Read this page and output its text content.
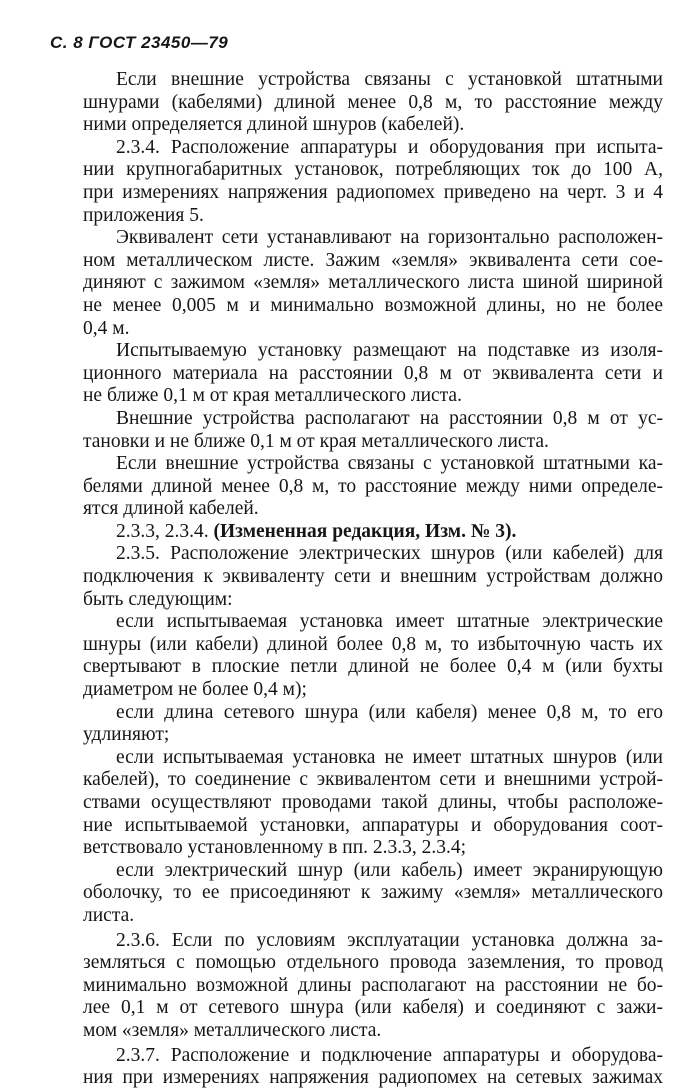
С. 8 ГОСТ 23450—79
Если внешние устройства связаны с установкой штатными
шнурами (кабелями) длиной менее 0,8 м, то расстояние между
ними определяется длиной шнуров (кабелей).
2.3.4. Расположение аппаратуры и оборудования при испыта-
нии крупногабаритных установок, потребляющих ток до 100 А,
при измерениях напряжения радиопомех приведено на черт. 3 и 4
приложения 5.
Эквивалент сети устанавливают на горизонтально расположен-
ном металлическом листе. Зажим «земля» эквивалента сети сое-
диняют с зажимом «земля» металлического листа шиной шириной
не менее 0,005 м и минимально возможной длины, но не более
0,4 м.
Испытываемую установку размещают на подставке из изоля-
ционного материала на расстоянии 0,8 м от эквивалента сети и
не ближе 0,1 м от края металлического листа.
Внешние устройства располагают на расстоянии 0,8 м от ус-
тановки и не ближе 0,1 м от края металлического листа.
Если внешние устройства связаны с установкой штатными ка-
белями длиной менее 0,8 м, то расстояние между ними определе-
ятся длиной кабелей.
2.3.3, 2.3.4. (Измененная редакция, Изм. № 3).
2.3.5. Расположение электрических шнуров (или кабелей) для
подключения к эквиваленту сети и внешним устройствам должно
быть следующим:
если испытываемая установка имеет штатные электрические
шнуры (или кабели) длиной более 0,8 м, то избыточную часть их
свертывают в плоские петли длиной не более 0,4 м (или бухты
диаметром не более 0,4 м);
если длина сетевого шнура (или кабеля) менее 0,8 м, то его
удлиняют;
если испытываемая установка не имеет штатных шнуров (или
кабелей), то соединение с эквивалентом сети и внешними устрой-
ствами осуществляют проводами такой длины, чтобы расположе-
ние испытываемой установки, аппаратуры и оборудования соот-
ветствовало установленному в пп. 2.3.3, 2.3.4;
если электрический шнур (или кабель) имеет экранирующую
оболочку, то ее присоединяют к зажиму «земля» металлического
листа.
2.3.6. Если по условиям эксплуатации установка должна за-
земляться с помощью отдельного провода заземления, то провод
минимально возможной длины располагают на расстоянии не бо-
лее 0,1 м от сетевого шнура (или кабеля) и соединяют с зажи-
мом «земля» металлического листа.
2.3.7. Расположение и подключение аппаратуры и оборудова-
ния при измерениях напряжения радиопомех на сетевых зажимах
